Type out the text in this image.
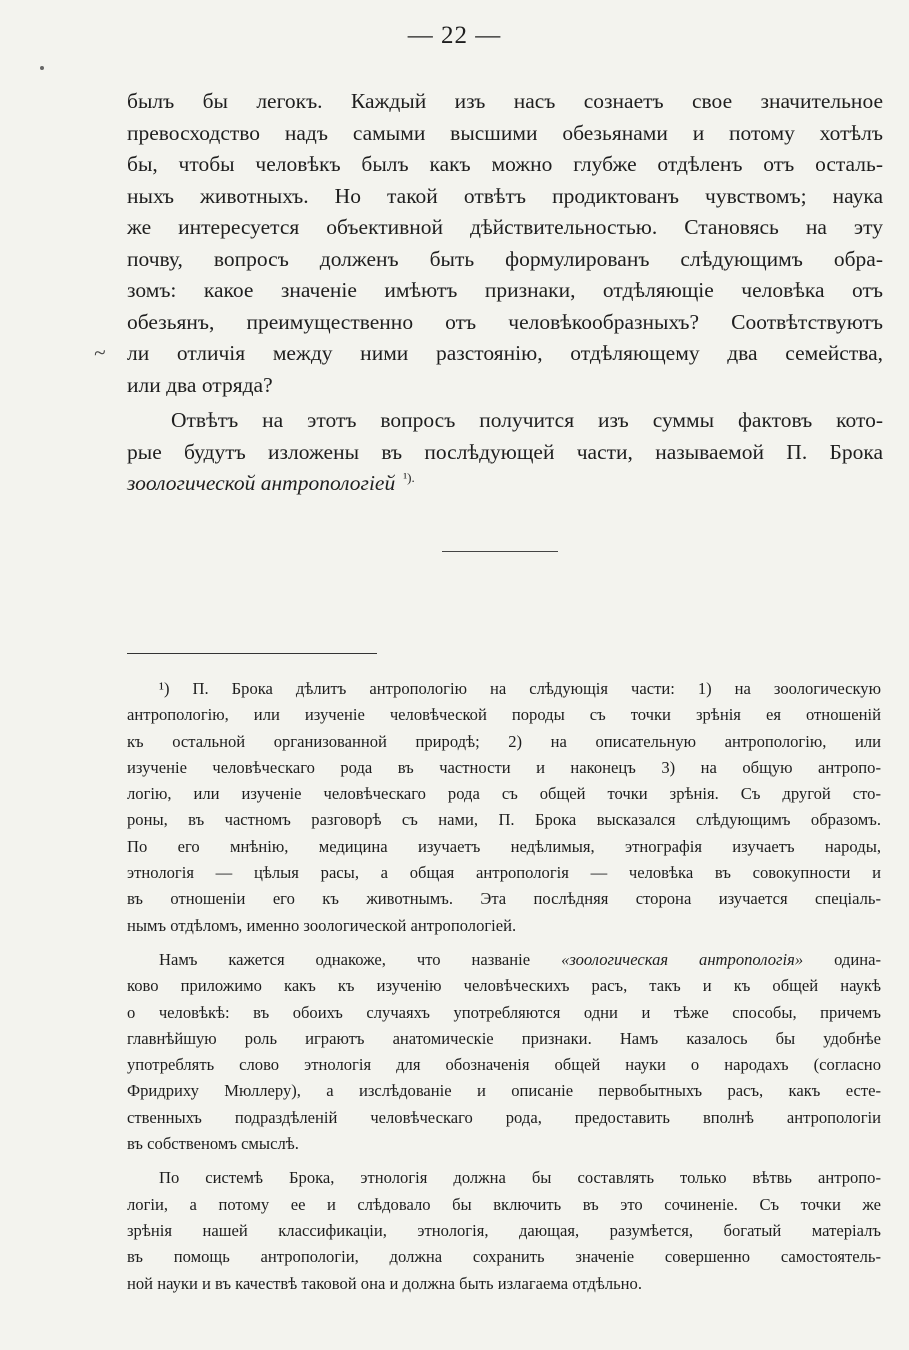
— 22 —
~
былъ бы легокъ. Каждый изъ насъ сознаетъ свое значительное
превосходство надъ самыми высшими обезьянами и потому хотѣлъ
бы, чтобы человѣкъ былъ какъ можно глубже отдѣленъ отъ осталь-
ныхъ животныхъ. Но такой отвѣтъ продиктованъ чувствомъ; наука
же интересуется объективной дѣйствительностью. Становясь на эту
почву, вопросъ долженъ быть формулированъ слѣдующимъ обра-
зомъ: какое значеніе имѣютъ признаки, отдѣляющіе человѣка отъ
обезьянъ, преимущественно отъ человѣкообразныхъ? Соотвѣтствуютъ
ли отличія между ними разстоянію, отдѣляющему два семейства,
или два отряда?
Отвѣтъ на этотъ вопросъ получится изъ суммы фактовъ кото-
рые будутъ изложены въ послѣдующей части, называемой П. Брока
зоологической антропологіей $^{^1).}$
¹) П. Брока дѣлитъ антропологію на слѣдующія части: 1) на зоологическую
антропологію, или изученіе человѣческой породы съ точки зрѣнія ея отношеній
къ остальной организованной природѣ; 2) на описательную антропологію, или
изученіе человѣческаго рода въ частности и наконецъ 3) на общую антропо-
логію, или изученіе человѣческаго рода съ общей точки зрѣнія. Съ другой сто-
роны, въ частномъ разговорѣ съ нами, П. Брока высказался слѣдующимъ образомъ.
По его мнѣнію, медицина изучаетъ недѣлимыя, этнографія изучаетъ народы,
этнологія — цѣлыя расы, а общая антропологія — человѣка въ совокупности и
въ отношеніи его къ животнымъ. Эта послѣдняя сторона изучается спеціаль-
нымъ отдѣломъ, именно зоологической антропологіей.
Намъ кажется однакоже, что названіе «зоологическая антропологія» одина-
ково приложимо какъ къ изученію человѣческихъ расъ, такъ и къ общей наукѣ
о человѣкѣ: въ обоихъ случаяхъ употребляются одни и тѣже способы, причемъ
главнѣйшую роль играютъ анатомическіе признаки. Намъ казалось бы удобнѣе
употреблять слово этнологія для обозначенія общей науки о народахъ (согласно
Фридриху Мюллеру), а изслѣдованіе и описаніе первобытныхъ расъ, какъ есте-
ственныхъ подраздѣленій человѣческаго рода, предоставить вполнѣ антропологіи
въ собственомъ смыслѣ.
По системѣ Брока, этнологія должна бы составлять только вѣтвь антропо-
логіи, а потому ее и слѣдовало бы включить въ это сочиненіе. Съ точки же
зрѣнія нашей классификаціи, этнологія, дающая, разумѣется, богатый матеріалъ
въ помощь антропологіи, должна сохранить значеніе совершенно самостоятель-
ной науки и въ качествѣ таковой она и должна быть излагаема отдѣльно.
